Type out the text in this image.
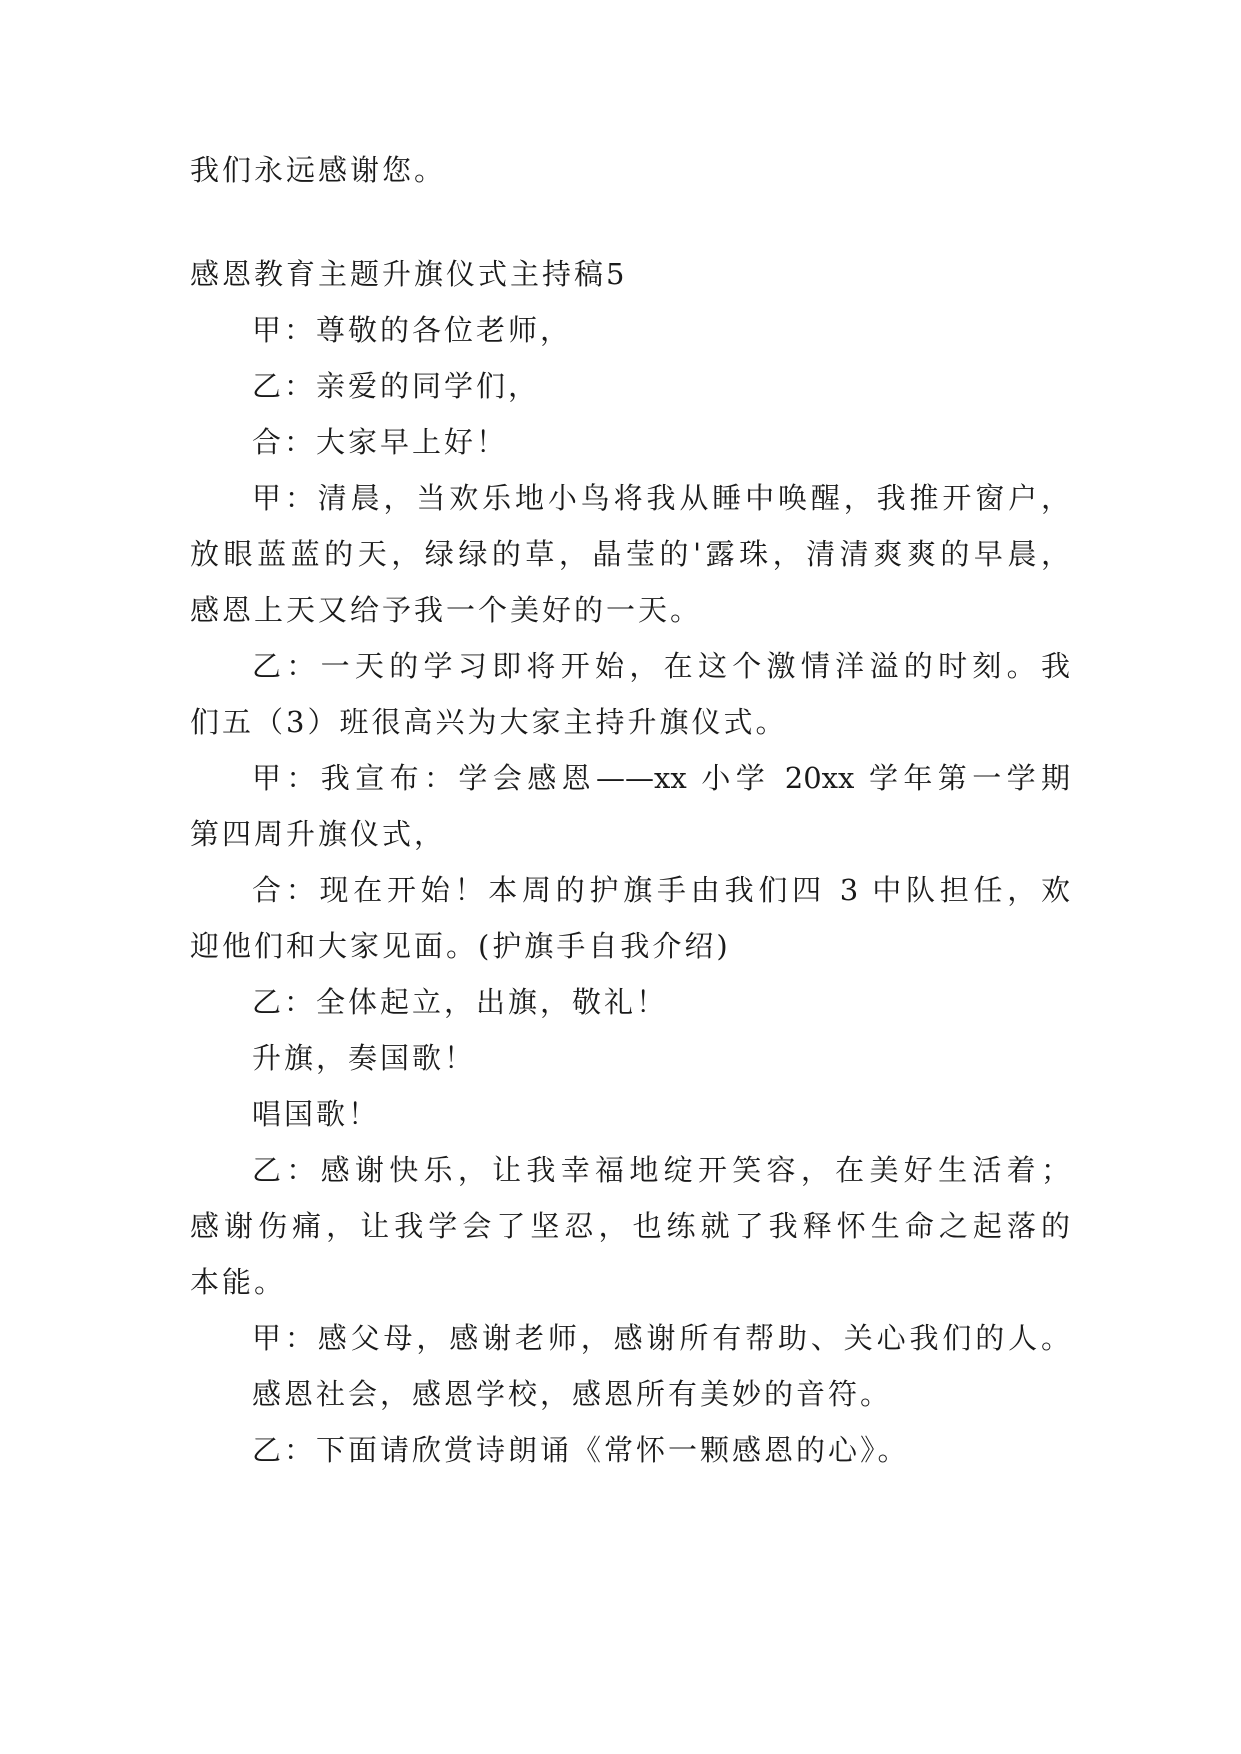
我们永远感谢您。
感恩教育主题升旗仪式主持稿5
甲：尊敬的各位老师，
乙：亲爱的同学们，
合：大家早上好！
甲：清晨，当欢乐地小鸟将我从睡中唤醒，我推开窗户，
放眼蓝蓝的天，绿绿的草，晶莹的'露珠，清清爽爽的早晨，
感恩上天又给予我一个美好的一天。
乙：一天的学习即将开始，在这个激情洋溢的时刻。我
们五（3）班很高兴为大家主持升旗仪式。
甲：我宣布：学会感恩——xx 小学 20xx 学年第一学期
第四周升旗仪式，
合：现在开始！本周的护旗手由我们四 3 中队担任，欢
迎他们和大家见面。(护旗手自我介绍)
乙：全体起立，出旗，敬礼！
升旗，奏国歌！
唱国歌！
乙：感谢快乐，让我幸福地绽开笑容，在美好生活着；
感谢伤痛，让我学会了坚忍，也练就了我释怀生命之起落的
本能。
甲：感父母，感谢老师，感谢所有帮助、关心我们的人。
感恩社会，感恩学校，感恩所有美妙的音符。
乙：下面请欣赏诗朗诵《常怀一颗感恩的心》。
